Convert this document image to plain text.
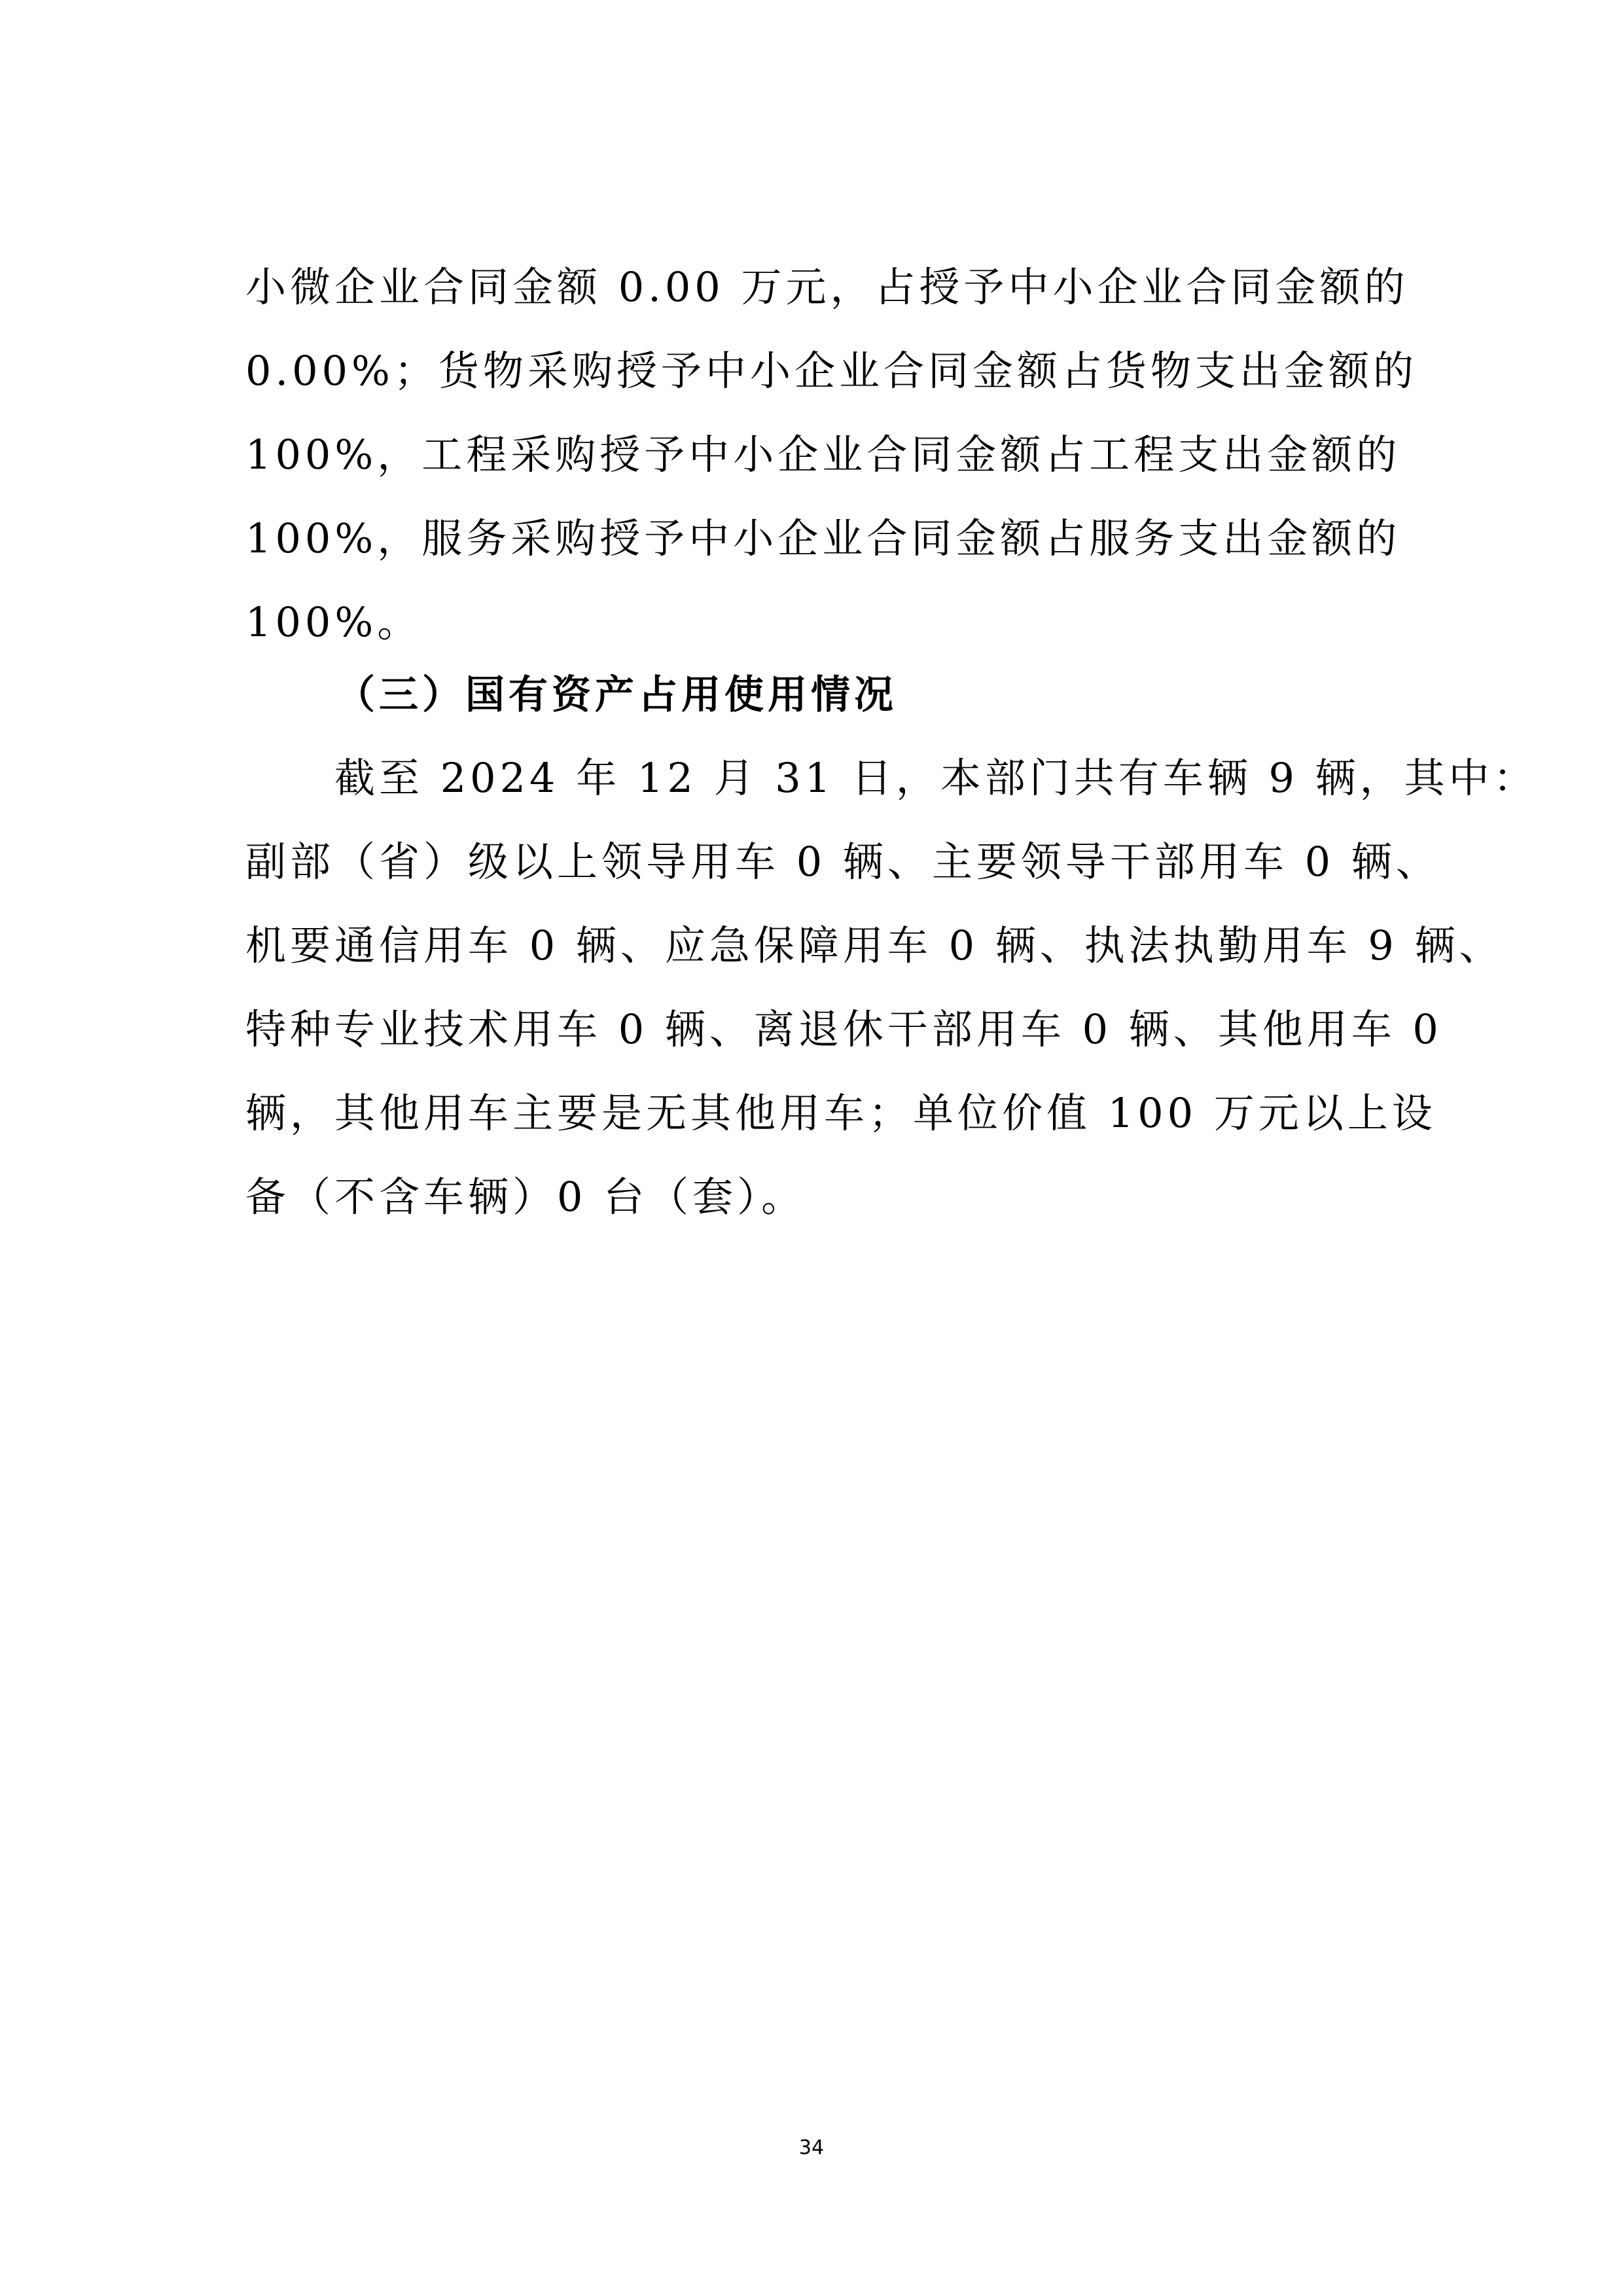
小微企业合同金额 0.00 万元，占授予中小企业合同金额的
0.00%；货物采购授予中小企业合同金额占货物支出金额的
100%，工程采购授予中小企业合同金额占工程支出金额的
100%，服务采购授予中小企业合同金额占服务支出金额的
100%。
（三）国有资产占用使用情况
截至 2024 年 12 月 31 日，本部门共有车辆 9 辆，其中：
副部（省）级以上领导用车 0 辆、主要领导干部用车 0 辆、
机要通信用车 0 辆、应急保障用车 0 辆、执法执勤用车 9 辆、
特种专业技术用车 0 辆、离退休干部用车 0 辆、其他用车 0
辆，其他用车主要是无其他用车；单位价值 100 万元以上设
备（不含车辆）0 台（套）。
34
